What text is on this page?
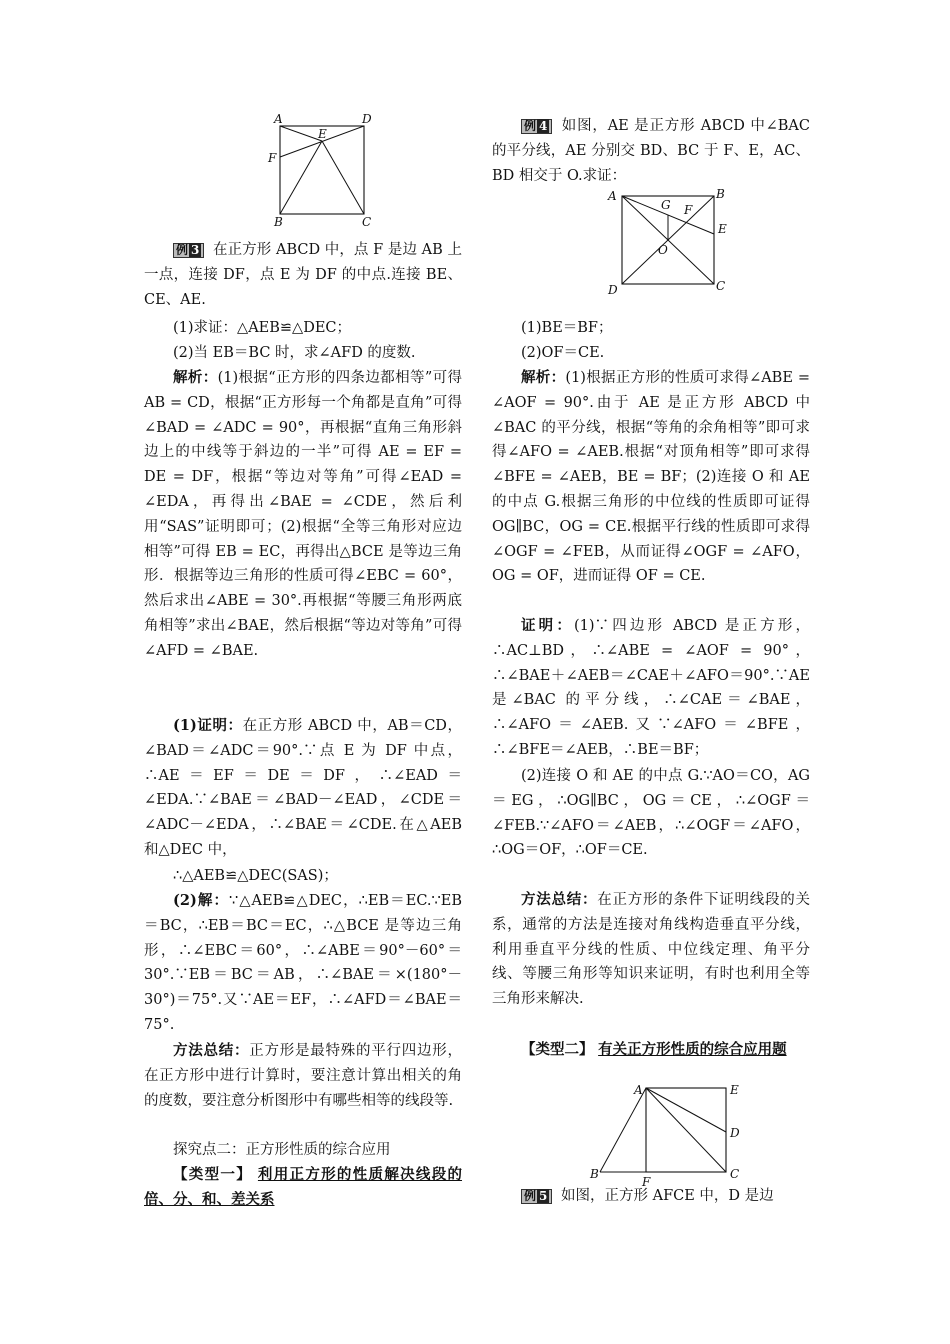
A	D
E
F
B	C

例 3 在正方形 ABCD 中，点 F 是边 AB 上一点，连接 DF，点 E 为 DF 的中点.连接 BE、CE、AE.

(1)求证：△AEB≌△DEC；

(2)当 EB＝BC 时，求∠AFD 的度数.

解析：(1)根据“正方形的四条边都相等”可得 AB = CD，根据“正方形每一个角都是直角”可得∠BAD = ∠ADC = 90°，再根据“直角三角形斜边上的中线等于斜边的一半”可得 AE = EF = DE = DF，根据“等边对等角”可得∠EAD = ∠EDA，再得出∠BAE = ∠CDE，然后利用“SAS”证明即可；(2)根据“全等三角形对应边相等”可得 EB = EC，再得出△BCE 是等边三角形．根据等边三角形的性质可得∠EBC = 60°，然后求出∠ABE = 30°.再根据“等腰三角形两底角相等”求出∠BAE，然后根据“等边对等角”可得∠AFD = ∠BAE.

(1)证明：在正方形 ABCD 中，AB＝CD，∠BAD＝∠ADC＝90°.∵点 E 为 DF 中点，∴AE＝EF＝DE＝DF，∴∠EAD＝∠EDA.∵∠BAE＝∠BAD－∠EAD，∠CDE＝∠ADC－∠EDA，∴∠BAE＝∠CDE.在△AEB 和△DEC 中，

∴△AEB≌△DEC(SAS)；

(2)解：∵△AEB≌△DEC，∴EB＝EC.∵EB＝BC，∴EB＝BC＝EC，∴△BCE 是等边三角形，∴∠EBC＝60°，∴∠ABE＝90°－60°＝30°.∵EB＝BC＝AB，∴∠BAE＝×(180°－30°)＝75°.又∵AE＝EF，∴∠AFD＝∠BAE＝75°.

方法总结：正方形是最特殊的平行四边形，在正方形中进行计算时，要注意计算出相关的角的度数，要注意分析图形中有哪些相等的线段等.

探究点二：正方形性质的综合应用

【类型一】 利用正方形的性质解决线段的倍、分、和、差关系

例 4 如图，AE 是正方形 ABCD 中∠BAC 的平分线，AE 分别交 BD、BC 于 F、E，AC、BD 相交于 O.求证：

A	B
G F
E
O
D	C

(1)BE＝BF；

(2)OF＝CE.

解析：(1)根据正方形的性质可求得∠ABE = ∠AOF = 90°.由于 AE 是正方形 ABCD 中∠BAC 的平分线，根据“等角的余角相等”即可求得∠AFO = ∠AEB.根据“对顶角相等”即可求得∠BFE = ∠AEB，BE = BF；(2)连接 O 和 AE 的中点 G.根据三角形的中位线的性质即可证得 OG∥BC，OG = CE.根据平行线的性质即可求得∠OGF = ∠FEB，从而证得∠OGF = ∠AFO，OG = OF，进而证得 OF = CE.

证明：(1)∵四边形 ABCD 是正方形，∴AC⊥BD，∴∠ABE = ∠AOF = 90°，∴∠BAE＋∠AEB＝∠CAE＋∠AFO＝90°.∵AE 是∠BAC 的平分线，∴∠CAE＝∠BAE，∴∠AFO＝∠AEB.又∵∠AFO＝∠BFE，∴∠BFE＝∠AEB，∴BE＝BF；

(2)连接 O 和 AE 的中点 G.∵AO＝CO，AG＝EG，∴OG∥BC，OG＝CE，∴∠OGF＝∠FEB.∵∠AFO＝∠AEB，∴∠OGF＝∠AFO，∴OG＝OF，∴OF＝CE.

方法总结：在正方形的条件下证明线段的关系，通常的方法是连接对角线构造垂直平分线，利用垂直平分线的性质、中位线定理、角平分线、等腰三角形等知识来证明，有时也利用全等三角形来解决.

【类型二】 有关正方形性质的综合应用题

A	E
D
B
F
C

例 5 如图，正方形 AFCE 中，D 是边
